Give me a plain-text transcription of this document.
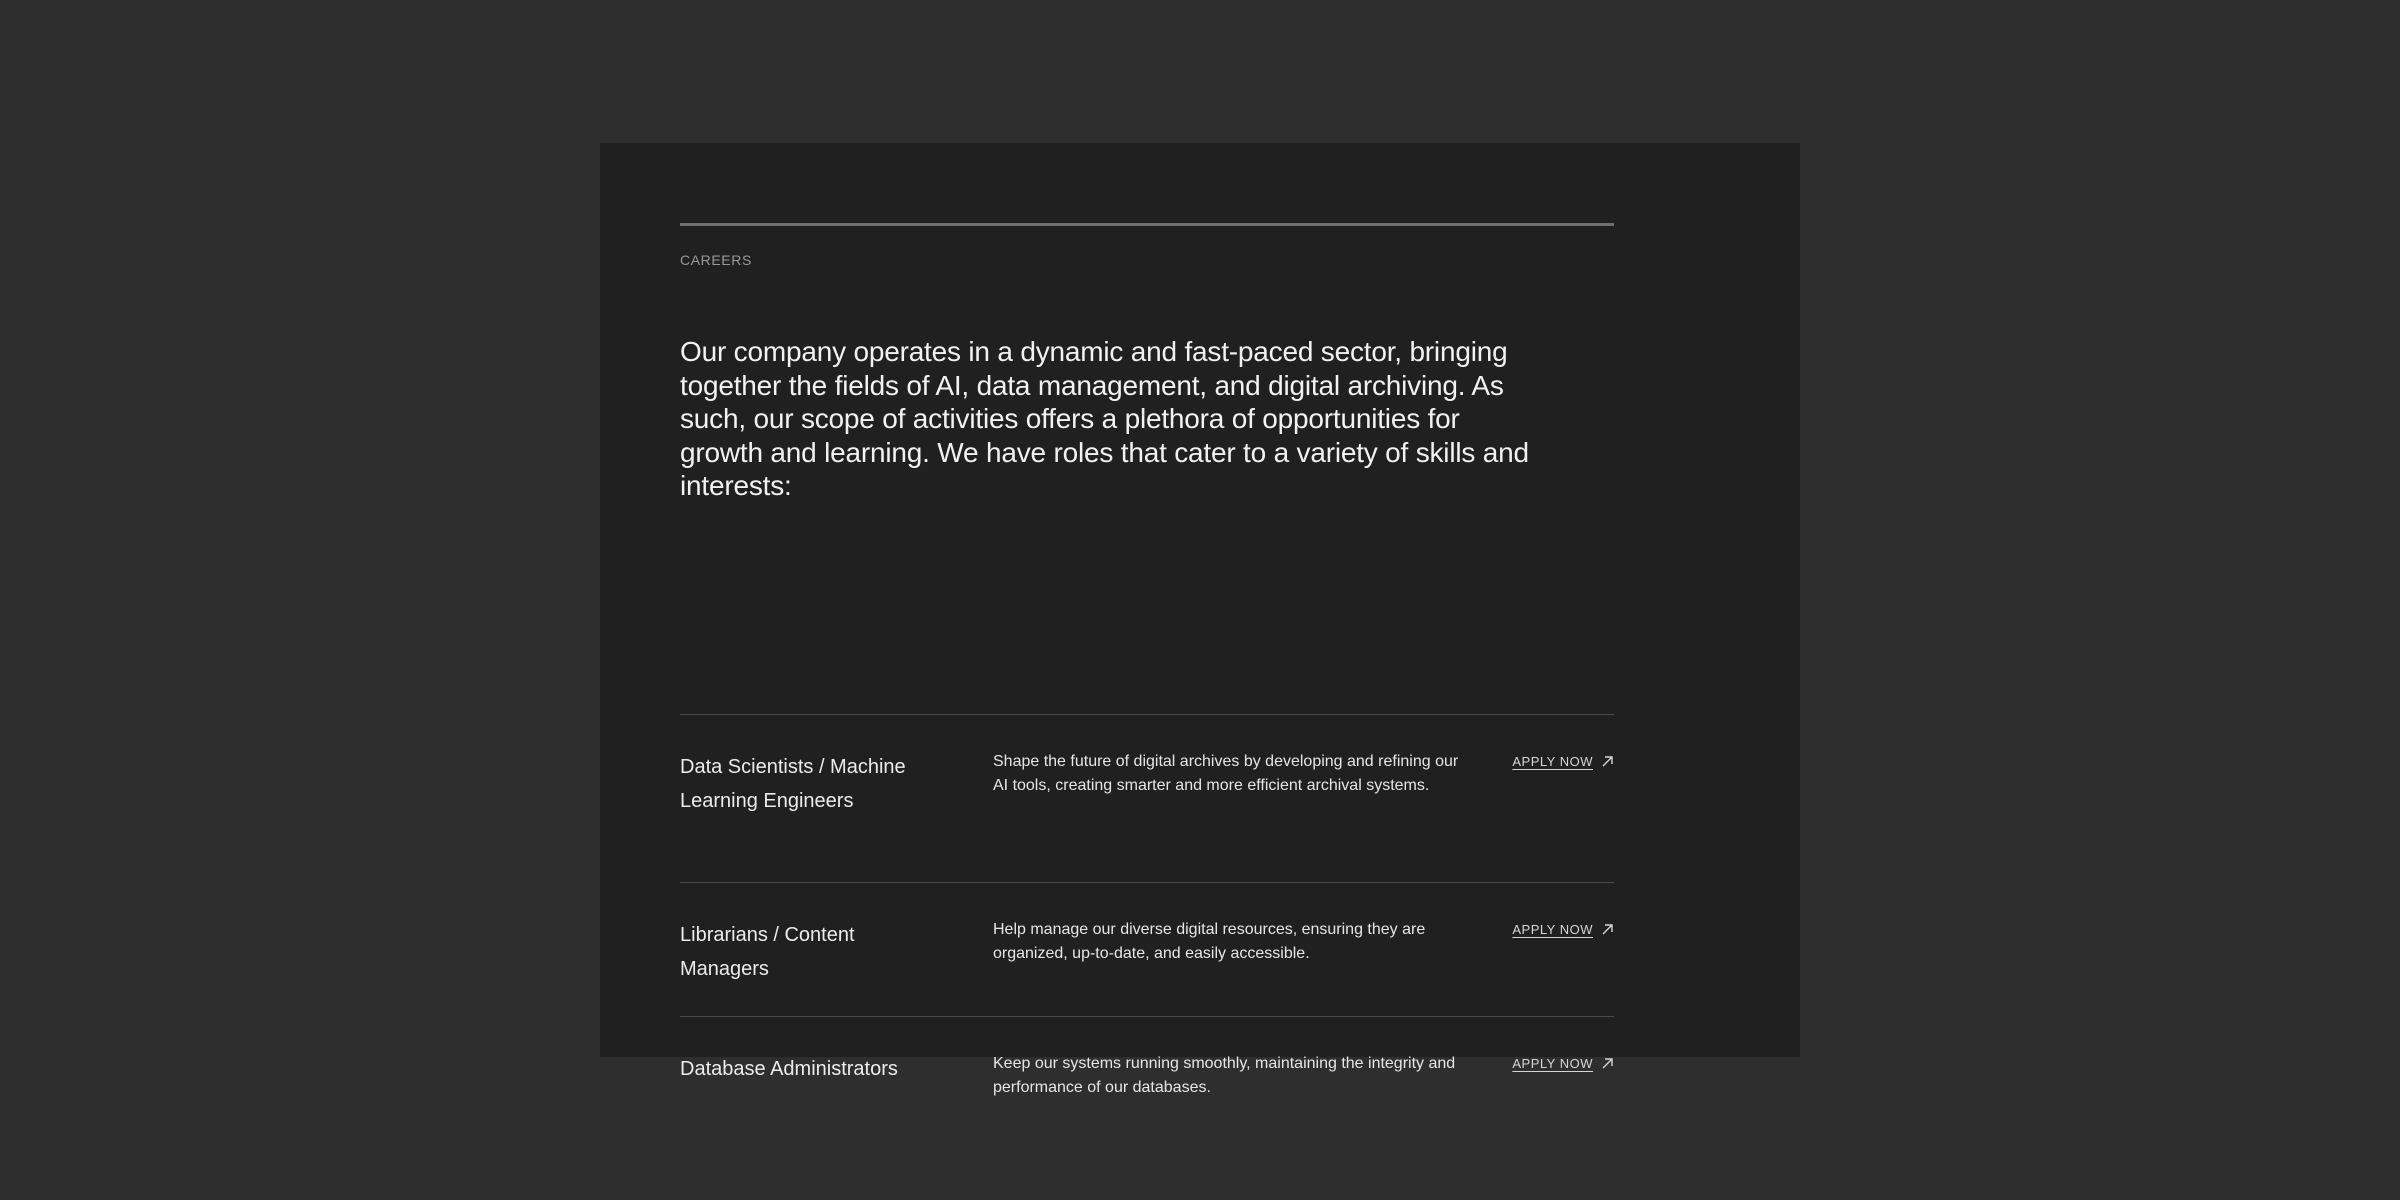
CAREERS

Our company operates in a dynamic and fast-paced sector, bringing together the fields of AI, data management, and digital archiving. As such, our scope of activities offers a plethora of opportunities for growth and learning. We have roles that cater to a variety of skills and interests:

Data Scientists / Machine Learning Engineers
Shape the future of digital archives by developing and refining our AI tools, creating smarter and more efficient archival systems.
APPLY NOW
Librarians / Content Managers
Help manage our diverse digital resources, ensuring they are organized, up-to-date, and easily accessible.
APPLY NOW
Database Administrators	Keep our systems running smoothly, maintaining the integrity and performance of our databases.
APPLY NOW
